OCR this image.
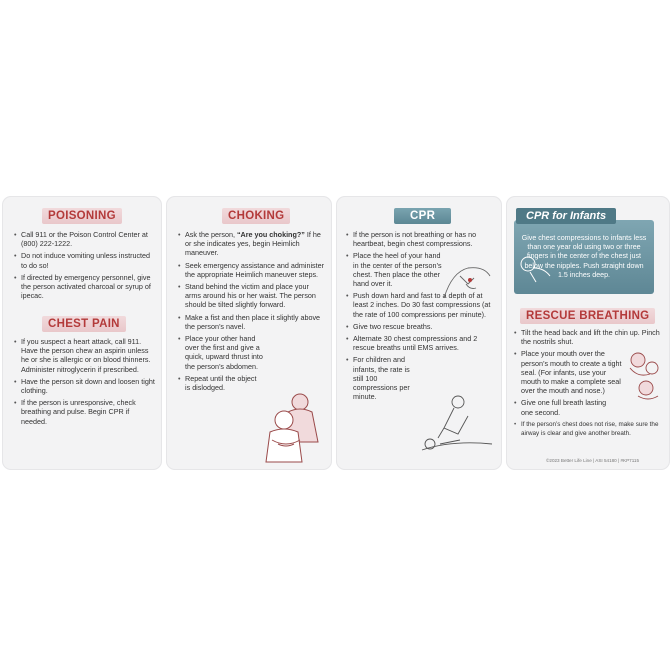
POISONING
• Call 911 or the Poison Control Center at (800) 222-1222.
• Do not induce vomiting unless instructed to do so!
• If directed by emergency personnel, give the person activated charcoal or syrup of ipecac.
CHEST PAIN
• If you suspect a heart attack, call 911. Have the person chew an aspirin unless he or she is allergic or on blood thinners. Administer nitroglycerin if prescribed.
• Have the person sit down and loosen tight clothing.
• If the person is unresponsive, check breathing and pulse. Begin CPR if needed.
CHOKING
• Ask the person, “Are you choking?” If he or she indicates yes, begin Heimlich maneuver.
• Seek emergency assistance and administer the appropriate Heimlich maneuver steps.
• Stand behind the victim and place your arms around his or her waist. The person should be tilted slightly forward.
• Make a fist and then place it slightly above the person’s navel.
• Place your other hand over the first and give a quick, upward thrust into the person’s abdomen.
• Repeat until the object is dislodged.
CPR
• If the person is not breathing or has no heartbeat, begin chest compressions.
• Place the heel of your hand in the center of the person’s chest. Then place the other hand over it.
• Push down hard and fast to a depth of at least 2 inches. Do 30 fast compressions (at the rate of 100 compressions per minute).
• Give two rescue breaths.
• Alternate 30 chest compressions and 2 rescue breaths until EMS arrives.
• For children and infants, the rate is still 100 compressions per minute.
Give chest compressions to infants less than one year old using two or three fingers in the center of the chest just below the nipples. Push straight down 1.5 inches deep.
CPR for Infants
RESCUE BREATHING
• Tilt the head back and lift the chin up. Pinch the nostrils shut.
• Place your mouth over the person’s mouth to create a tight seal. (For infants, use your mouth to make a complete seal over the mouth and nose.)
• Give one full breath lasting one second.
• If the person’s chest does not rise, make sure the airway is clear and give another breath.
©2023 Better Life Line | ASI 54180 | #KP7115
